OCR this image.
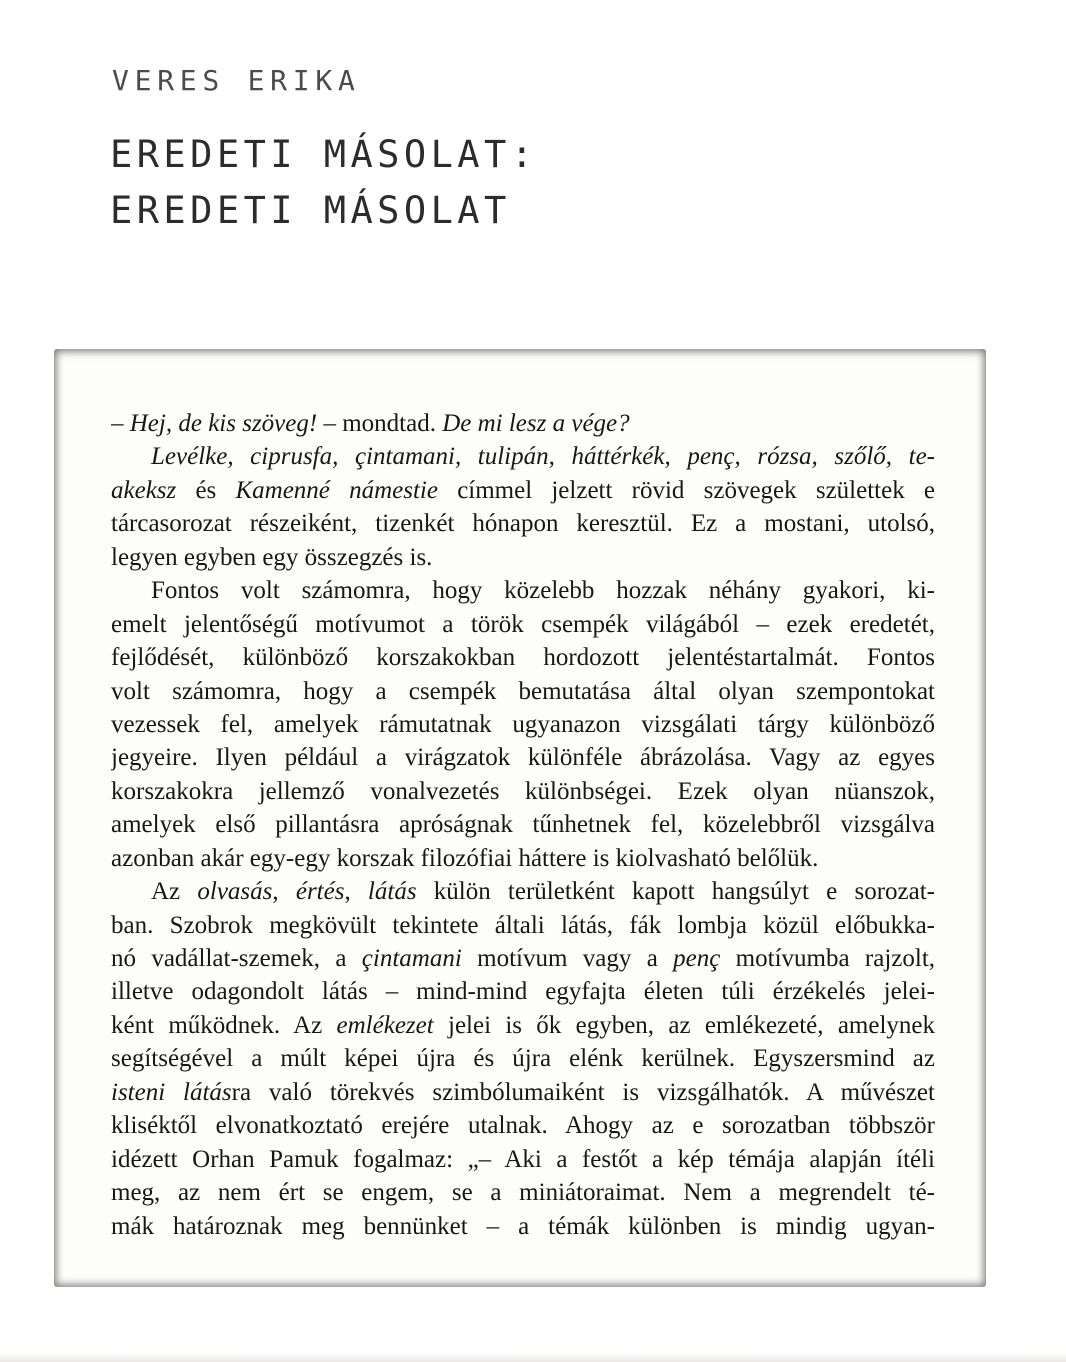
VERES ERIKA
EREDETI MÁSOLAT:
EREDETI MÁSOLAT
– Hej, de kis szöveg! – mondtad. De mi lesz a vége?
Levélke, ciprusfa, çintamani, tulipán, háttérkék, penç, rózsa, szőlő, te-
akeksz és Kamenné námestie címmel jelzett rövid szövegek születtek e
tárcasorozat részeiként, tizenkét hónapon keresztül. Ez a mostani, utolsó,
legyen egyben egy összegzés is.
Fontos volt számomra, hogy közelebb hozzak néhány gyakori, ki-
emelt jelentőségű motívumot a török csempék világából – ezek eredetét,
fejlődését, különböző korszakokban hordozott jelentéstartalmát. Fontos
volt számomra, hogy a csempék bemutatása által olyan szempontokat
vezessek fel, amelyek rámutatnak ugyanazon vizsgálati tárgy különböző
jegyeire. Ilyen például a virágzatok különféle ábrázolása. Vagy az egyes
korszakokra jellemző vonalvezetés különbségei. Ezek olyan nüanszok,
amelyek első pillantásra apróságnak tűnhetnek fel, közelebbről vizsgálva
azonban akár egy-egy korszak filozófiai háttere is kiolvasható belőlük.
Az olvasás, értés, látás külön területként kapott hangsúlyt e sorozat-
ban. Szobrok megkövült tekintete általi látás, fák lombja közül előbukka-
nó vadállat-szemek, a çintamani motívum vagy a penç motívumba rajzolt,
illetve odagondolt látás – mind-mind egyfajta életen túli érzékelés jelei-
ként működnek. Az emlékezet jelei is ők egyben, az emlékezeté, amelynek
segítségével a múlt képei újra és újra elénk kerülnek. Egyszersmind az
isteni látásra való törekvés szimbólumaiként is vizsgálhatók. A művészet
kliséktől elvonatkoztató erejére utalnak. Ahogy az e sorozatban többször
idézett Orhan Pamuk fogalmaz: „– Aki a festőt a kép témája alapján ítéli
meg, az nem ért se engem, se a miniátoraimat. Nem a megrendelt té-
mák határoznak meg bennünket – a témák különben is mindig ugyan-
